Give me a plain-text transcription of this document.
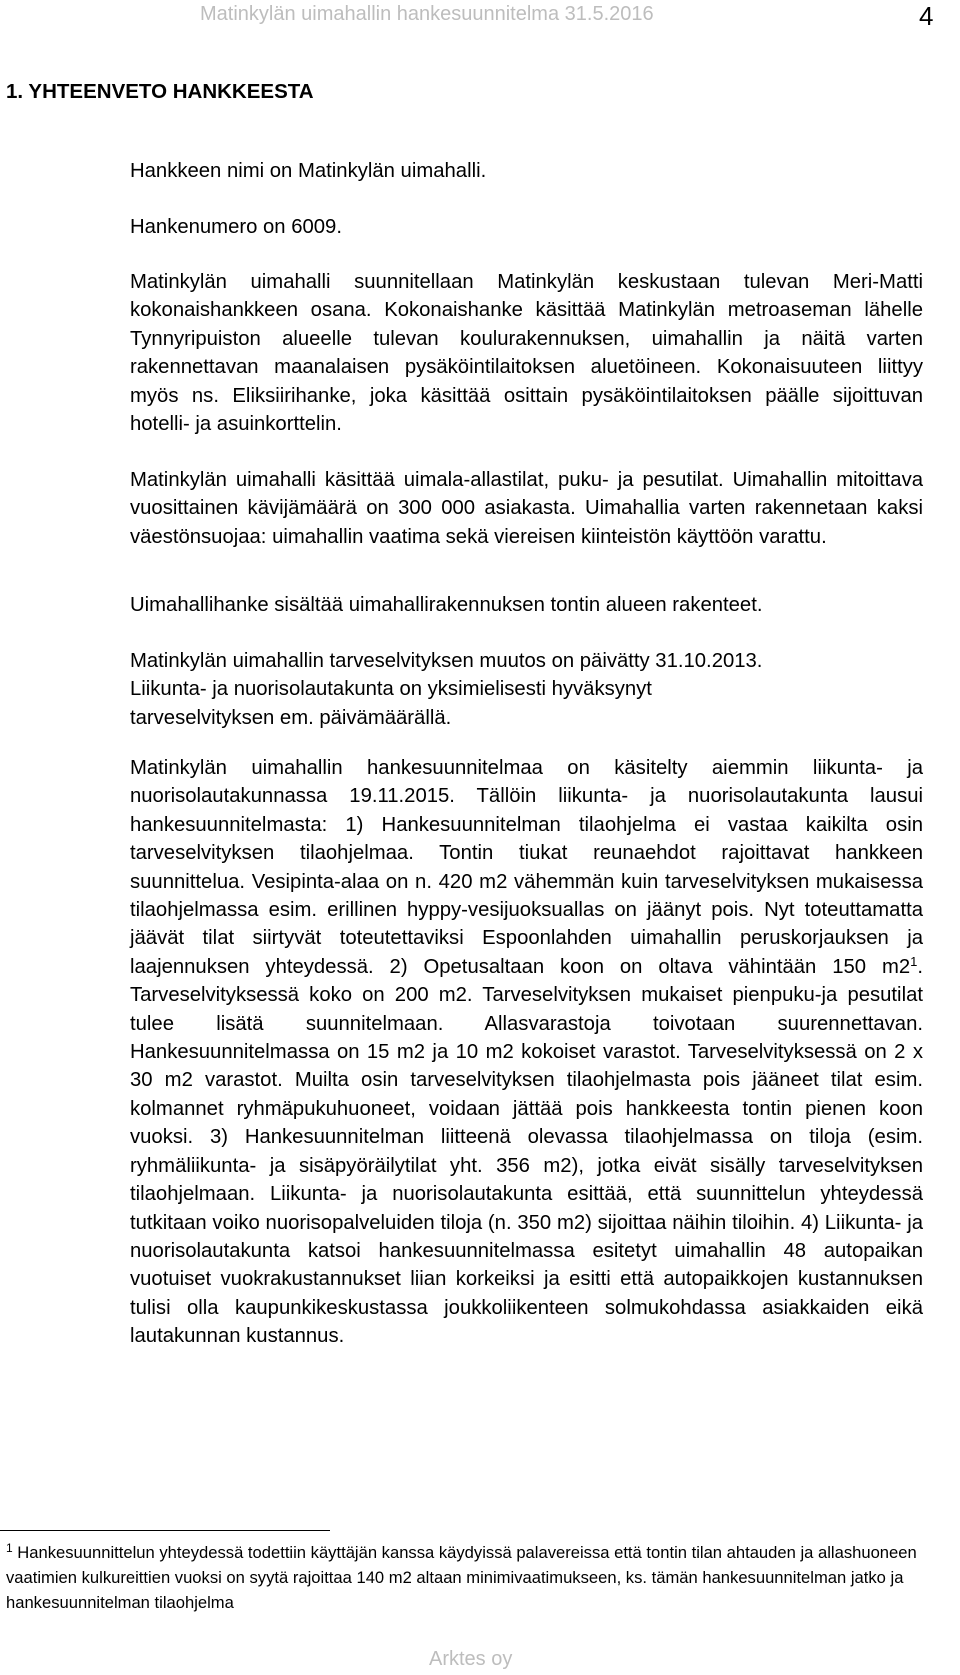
Matinkylän uimahallin hankesuunnitelma 31.5.2016	4
1. YHTEENVETO HANKKEESTA

Hankkeen nimi on Matinkylän uimahalli.

Hankenumero on 6009.

Matinkylän uimahalli suunnitellaan Matinkylän keskustaan tulevan Meri-Matti kokonaishankkeen osana. Kokonaishanke käsittää Matinkylän metroaseman lähelle Tynnyripuiston alueelle tulevan koulurakennuksen, uimahallin ja näitä varten rakennettavan maanalaisen pysäköintilaitoksen aluetöineen. Kokonaisuuteen liittyy myös ns. Eliksiirihanke, joka käsittää osittain pysäköintilaitoksen päälle sijoittuvan hotelli- ja asuinkorttelin.

Matinkylän uimahalli käsittää uimala-allastilat, puku- ja pesutilat. Uimahallin mitoittava vuosittainen kävijämäärä on 300 000 asiakasta. Uimahallia varten rakennetaan kaksi väestönsuojaa: uimahallin vaatima sekä viereisen kiinteistön käyttöön varattu.

Uimahallihanke sisältää uimahallirakennuksen tontin alueen rakenteet.

Matinkylän uimahallin tarveselvityksen muutos on päivätty 31.10.2013.

Liikunta- ja nuorisolautakunta on yksimielisesti hyväksynyt

tarveselvityksen em. päivämäärällä.

Matinkylän uimahallin hankesuunnitelmaa on käsitelty aiemmin liikunta- ja nuorisolautakunnassa 19.11.2015. Tällöin liikunta- ja nuorisolautakunta lausui hankesuunnitelmasta: 1) Hankesuunnitelman tilaohjelma ei vastaa kaikilta osin tarveselvityksen tilaohjelmaa. Tontin tiukat reunaehdot rajoittavat hankkeen suunnittelua. Vesipinta-alaa on n. 420 m2 vähemmän kuin tarveselvityksen mukaisessa tilaohjelmassa esim. erillinen hyppy-vesijuoksuallas on jäänyt pois. Nyt toteuttamatta jäävät tilat siirtyvät toteutettaviksi Espoonlahden uimahallin peruskorjauksen ja laajennuksen yhteydessä. 2) Opetusaltaan koon on oltava vähintään 150 $m2^1$. Tarveselvityksessä koko on 200 m2. Tarveselvityksen mukaiset pienpuku-ja pesutilat tulee lisätä suunnitelmaan. Allasvarastoja toivotaan suurennettavan. Hankesuunnitelmassa on 15 m2 ja 10 m2 kokoiset varastot. Tarveselvityksessä on 2 x 30 m2 varastot. Muilta osin tarveselvityksen tilaohjelmasta pois jääneet tilat esim. kolmannet ryhmäpukuhuoneet, voidaan jättää pois hankkeesta tontin pienen koon vuoksi. 3) Hankesuunnitelman liitteenä olevassa tilaohjelmassa on tiloja (esim. ryhmäliikunta- ja sisäpyöräilytilat yht. 356 m2), jotka eivät sisälly tarveselvityksen tilaohjelmaan. Liikunta- ja nuorisolautakunta esittää, että suunnittelun yhteydessä tutkitaan voiko nuorisopalveluiden tiloja (n. 350 m2) sijoittaa näihin tiloihin. 4) Liikunta- ja nuorisolautakunta katsoi hankesuunnitelmassa esitetyt uimahallin 48 autopaikan vuotuiset vuokrakustannukset liian korkeiksi ja esitti että autopaikkojen kustannuksen tulisi olla kaupunkikeskustassa joukkoliikenteen solmukohdassa asiakkaiden eikä lautakunnan kustannus.

$^1$ Hankesuunnittelun yhteydessä todettiin käyttäjän kanssa käydyissä palavereissa että tontin tilan ahtauden ja allashuoneen vaatimien kulkureittien vuoksi on syytä rajoittaa 140 m2 altaan minimivaatimukseen, ks. tämän hankesuunnitelman jatko ja hankesuunnitelman tilaohjelma
Arktes oy
